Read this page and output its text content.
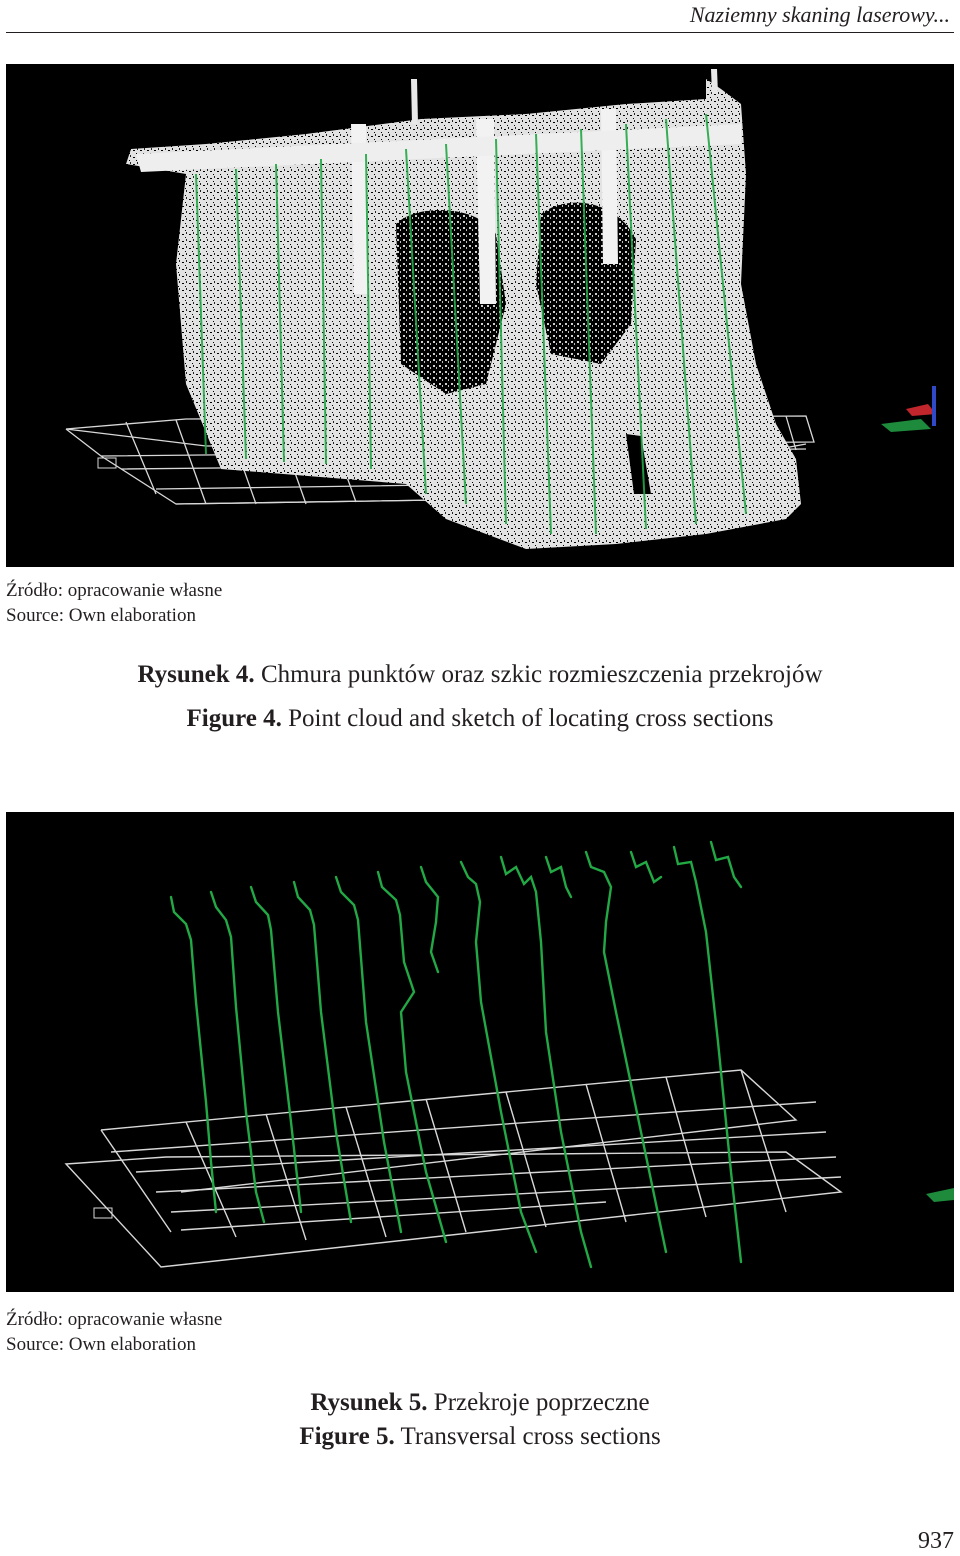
Naziemny skaning laserowy...
Źródło: opracowanie własne
Source: Own elaboration
Rysunek 4. Chmura punktów oraz szkic rozmieszczenia przekrojów
Figure 4. Point cloud and sketch of locating cross sections
Źródło: opracowanie własne
Source: Own elaboration
Rysunek 5. Przekroje poprzeczne
Figure 5. Transversal cross sections
937
